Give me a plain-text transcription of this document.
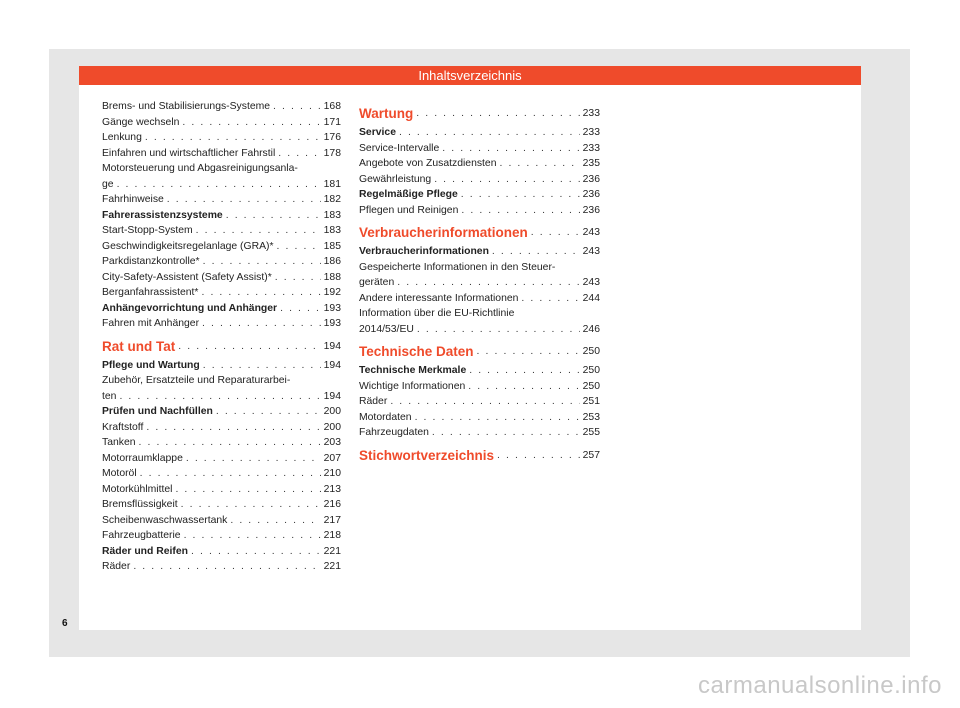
Inhaltsverzeichnis
Brems- und Stabilisierungs-Systeme . . .	168
Gänge wechseln . . .	171
Lenkung . . .	176
Einfahren und wirtschaftlicher Fahrstil . . .	178
Motorsteuerung und Abgasreinigungsanla-
ge . . .	181
Fahrhinweise . . .	182
Fahrerassistenzsysteme . . .	183
Start-Stopp-System . . .	183
Geschwindigkeitsregelanlage (GRA)* . . .	185
Parkdistanzkontrolle* . . .	186
City-Safety-Assistent (Safety Assist)* . . .	188
Berganfahrassistent* . . .	192
Anhängevorrichtung und Anhänger . . .	193
Fahren mit Anhänger . . .	193
Rat und Tat . . .	194
Pflege und Wartung . . .	194
Zubehör, Ersatzteile und Reparaturarbei-
ten . . .	194
Prüfen und Nachfüllen . . .	200
Kraftstoff . . .	200
Tanken . . .	203
Motorraumklappe . . .	207
Motoröl . . .	210
Motorkühlmittel . . .	213
Bremsflüssigkeit . . .	216
Scheibenwaschwassertank . . .	217
Fahrzeugbatterie . . .	218
Räder und Reifen . . .	221
Räder . . .	221
Wartung . . .	233
Service . . .	233
Service-Intervalle . . .	233
Angebote von Zusatzdiensten . . .	235
Gewährleistung . . .	236
Regelmäßige Pflege . . .	236
Pflegen und Reinigen . . .	236
Verbraucherinformationen . . .	243
Verbraucherinformationen . . .	243
Gespeicherte Informationen in den Steuer-
geräten . . .	243
Andere interessante Informationen . . .	244
Information über die EU-Richtlinie
2014/53/EU . . .	246
Technische Daten . . .	250
Technische Merkmale . . .	250
Wichtige Informationen . . .	250
Räder . . .	251
Motordaten . . .	253
Fahrzeugdaten . . .	255
Stichwortverzeichnis . . .	257
6
carmanualsonline.info
